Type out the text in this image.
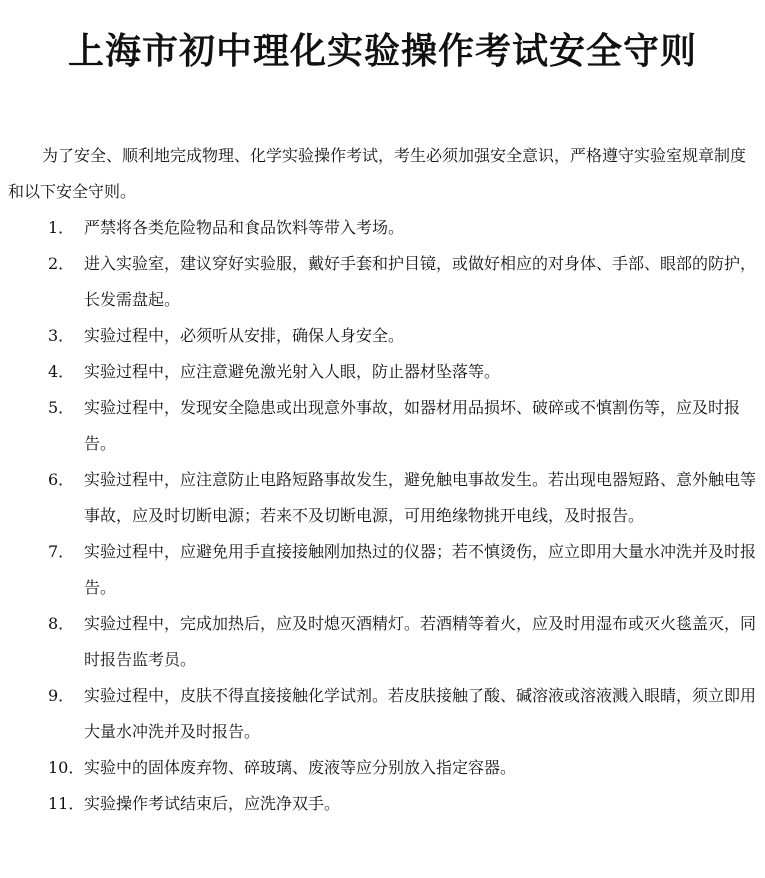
上海市初中理化实验操作考试安全守则

为了安全、顺利地完成物理、化学实验操作考试，考生必须加强安全意识，严格遵守实验室规章制度和以下安全守则。

1． 严禁将各类危险物品和食品饮料等带入考场。
2． 进入实验室，建议穿好实验服，戴好手套和护目镜，或做好相应的对身体、手部、眼部的防护，长发需盘起。
3． 实验过程中，必须听从安排，确保人身安全。
4． 实验过程中，应注意避免激光射入人眼，防止器材坠落等。
5． 实验过程中，发现安全隐患或出现意外事故，如器材用品损坏、破碎或不慎割伤等，应及时报告。
6． 实验过程中，应注意防止电路短路事故发生，避免触电事故发生。若出现电器短路、意外触电等事故，应及时切断电源；若来不及切断电源，可用绝缘物挑开电线，及时报告。
7． 实验过程中，应避免用手直接接触刚加热过的仪器；若不慎烫伤，应立即用大量水冲洗并及时报告。
8． 实验过程中，完成加热后，应及时熄灭酒精灯。若酒精等着火，应及时用湿布或灭火毯盖灭，同时报告监考员。
9． 实验过程中，皮肤不得直接接触化学试剂。若皮肤接触了酸、碱溶液或溶液溅入眼睛，须立即用大量水冲洗并及时报告。
10． 实验中的固体废弃物、碎玻璃、废液等应分别放入指定容器。
11． 实验操作考试结束后，应洗净双手。
